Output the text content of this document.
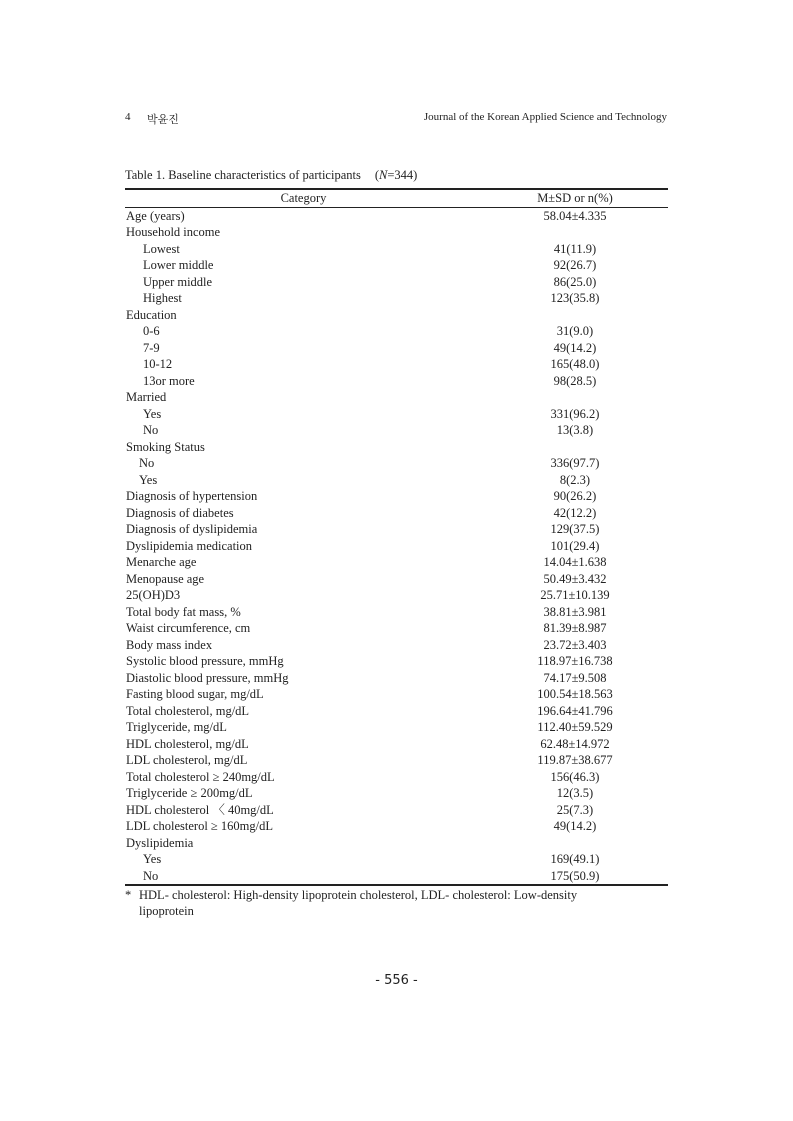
4 박윤진	Journal of the Korean Applied Science and Technology
Table 1. Baseline characteristics of participants (N=344)
Category	M±SD or n(%)
Age (years)	58.04±4.335
Household income	
Lowest	41(11.9)
Lower middle	92(26.7)
Upper middle	86(25.0)
Highest	123(35.8)
Education	
0-6	31(9.0)
7-9	49(14.2)
10-12	165(48.0)
13or more	98(28.5)
Married	
Yes	331(96.2)
No	13(3.8)
Smoking Status	
No	336(97.7)
Yes	8(2.3)
Diagnosis of hypertension	90(26.2)
Diagnosis of diabetes	42(12.2)
Diagnosis of dyslipidemia	129(37.5)
Dyslipidemia medication	101(29.4)
Menarche age	14.04±1.638
Menopause age	50.49±3.432
25(OH)D3	25.71±10.139
Total body fat mass, %	38.81±3.981
Waist circumference, cm	81.39±8.987
Body mass index	23.72±3.403
Systolic blood pressure, mmHg	118.97±16.738
Diastolic blood pressure, mmHg	74.17±9.508
Fasting blood sugar, mg/dL	100.54±18.563
Total cholesterol, mg/dL	196.64±41.796
Triglyceride, mg/dL	112.40±59.529
HDL cholesterol, mg/dL	62.48±14.972
LDL cholesterol, mg/dL	119.87±38.677
Total cholesterol ≥ 240mg/dL	156(46.3)
Triglyceride ≥ 200mg/dL	12(3.5)
HDL cholesterol 〈 40mg/dL	25(7.3)
LDL cholesterol ≥ 160mg/dL	49(14.2)
Dyslipidemia	
Yes	169(49.1)
No	175(50.9)
* HDL- cholesterol: High-density lipoprotein cholesterol, LDL- cholesterol: Low-density lipoprotein
- 556 -
